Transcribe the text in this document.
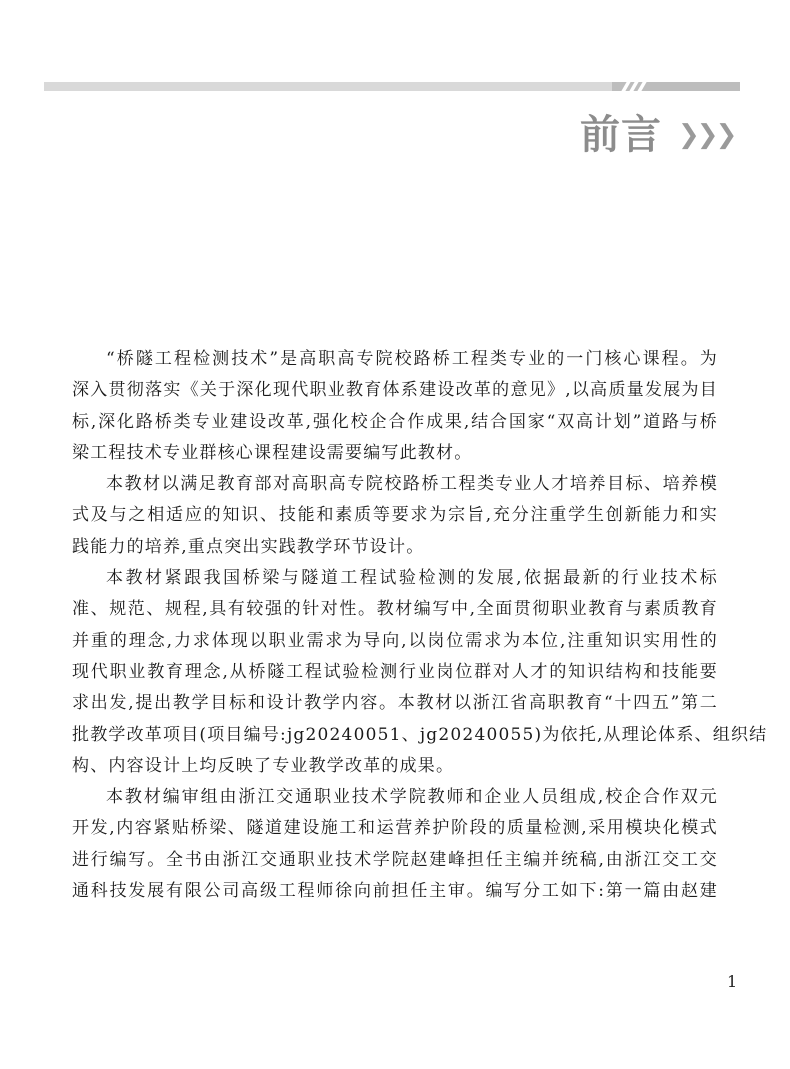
前言 ❯❯❯
“桥隧工程检测技术”是高职高专院校路桥工程类专业的一门核心课程。为
深入贯彻落实《关于深化现代职业教育体系建设改革的意见》,以高质量发展为目
标,深化路桥类专业建设改革,强化校企合作成果,结合国家“双高计划”道路与桥
梁工程技术专业群核心课程建设需要编写此教材。
本教材以满足教育部对高职高专院校路桥工程类专业人才培养目标、培养模
式及与之相适应的知识、技能和素质等要求为宗旨,充分注重学生创新能力和实
践能力的培养,重点突出实践教学环节设计。
本教材紧跟我国桥梁与隧道工程试验检测的发展,依据最新的行业技术标
准、规范、规程,具有较强的针对性。教材编写中,全面贯彻职业教育与素质教育
并重的理念,力求体现以职业需求为导向,以岗位需求为本位,注重知识实用性的
现代职业教育理念,从桥隧工程试验检测行业岗位群对人才的知识结构和技能要
求出发,提出教学目标和设计教学内容。本教材以浙江省高职教育“十四五”第二
批教学改革项目(项目编号:jg20240051、jg20240055)为依托,从理论体系、组织结
构、内容设计上均反映了专业教学改革的成果。
本教材编审组由浙江交通职业技术学院教师和企业人员组成,校企合作双元
开发,内容紧贴桥梁、隧道建设施工和运营养护阶段的质量检测,采用模块化模式
进行编写。全书由浙江交通职业技术学院赵建峰担任主编并统稿,由浙江交工交
通科技发展有限公司高级工程师徐向前担任主审。编写分工如下:第一篇由赵建
1
